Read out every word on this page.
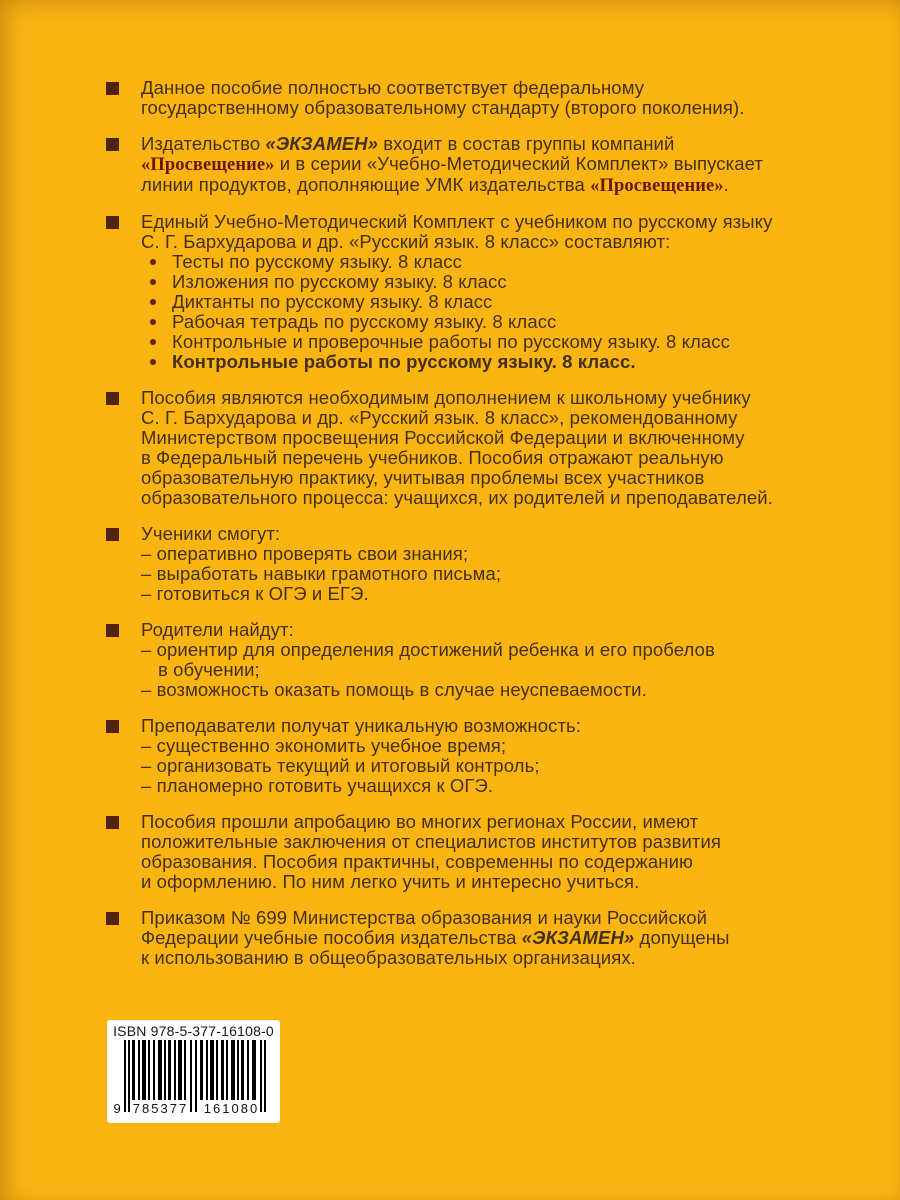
Данное пособие полностью соответствует федеральному
государственному образовательному стандарту (второго поколения).
Издательство «ЭКЗАМЕН» входит в состав группы компаний
«Просвещение» и в серии «Учебно-Методический Комплект» выпускает
линии продуктов, дополняющие УМК издательства «Просвещение».
Единый Учебно-Методический Комплект с учебником по русскому языку
С. Г. Бархударова и др. «Русский язык. 8 класс» составляют:
Тесты по русскому языку. 8 класс
Изложения по русскому языку. 8 класс
Диктанты по русскому языку. 8 класс
Рабочая тетрадь по русскому языку. 8 класс
Контрольные и проверочные работы по русскому языку. 8 класс
Контрольные работы по русскому языку. 8 класс.
Пособия являются необходимым дополнением к школьному учебнику
С. Г. Бархударова и др. «Русский язык. 8 класс», рекомендованному
Министерством просвещения Российской Федерации и включенному
в Федеральный перечень учебников. Пособия отражают реальную
образовательную практику, учитывая проблемы всех участников
образовательного процесса: учащихся, их родителей и преподавателей.
Ученики смогут:
– оперативно проверять свои знания;
– выработать навыки грамотного письма;
– готовиться к ОГЭ и ЕГЭ.
Родители найдут:
– ориентир для определения достижений ребенка и его пробелов
в обучении;
– возможность оказать помощь в случае неуспеваемости.
Преподаватели получат уникальную возможность:
– существенно экономить учебное время;
– организовать текущий и итоговый контроль;
– планомерно готовить учащихся к ОГЭ.
Пособия прошли апробацию во многих регионах России, имеют
положительные заключения от специалистов институтов развития
образования. Пособия практичны, современны по содержанию
и оформлению. По ним легко учить и интересно учиться.
Приказом № 699 Министерства образования и науки Российской
Федерации учебные пособия издательства «ЭКЗАМЕН» допущены
к использованию в общеобразовательных организациях.
ISBN 978-5-377-16108-0
9 785377 161080
